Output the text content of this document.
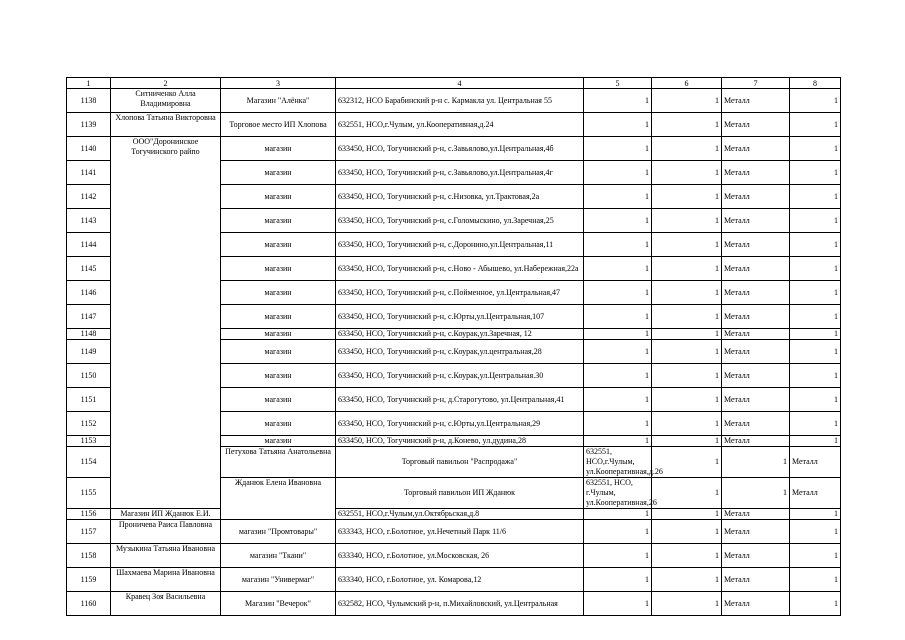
1	2	3	4	5	6	7	8	
1138	Ситниченко Алла Владимировна	Магазин "Алёнка"	632312, НСО Барабинский р-н с. Кармакла ул. Центральная 55	1	1	Металл	1	
1139	Хлопова Татьяна Викторовна	Торговое место ИП Хлопова	632551, НСО,г.Чулым, ул.Кооперативная,д.24	1	1	Металл	1	
1140	ООО"Доронинское Тогучинского райпо	магазин	633450, НСО, Тогучинский р-н, с.Завьялово,ул.Центральная,4б	1	1	Металл	1	
1141		магазин	633450, НСО, Тогучинский р-н, с.Завьялово,ул.Центральная,4г	1	1	Металл	1	
1142		магазин	633450, НСО, Тогучинский р-н, с.Низовка, ул.Трактовая,2а	1	1	Металл	1	
1143		магазин	633450, НСО, Тогучинский р-н, с.Голомыскино, ул.Заречная,25	1	1	Металл	1	
1144		магазин	633450, НСО, Тогучинский р-н, с.Доронино,ул.Центральная,11	1	1	Металл	1	
1145		магазин	633450, НСО, Тогучинский р-н, с.Ново - Абышево, ул.Набережная,22а	1	1	Металл	1	
1146		магазин	633450, НСО, Тогучинский р-н, с.Пойменное, ул.Центральная,47	1	1	Металл	1	
1147		магазин	633450, НСО, Тогучинский р-н, с.Юрты,ул.Центральная,107	1	1	Металл	1	
1148		магазин	633450, НСО, Тогучинский р-н, с.Коурак,ул.Заречная, 12	1	1	Металл	1	
1149		магазин	633450, НСО, Тогучинский р-н, с.Коурак,ул.центральная,28	1	1	Металл	1	
1150		магазин	633450, НСО, Тогучинский р-н, с.Коурак,ул.Центральная.30	1	1	Металл	1	
1151		магазин	633450, НСО, Тогучинский р-н, д.Старогутово, ул.Центральная,41	1	1	Металл	1	
1152		магазин	633450, НСО, Тогучинский р-н, с.Юрты,ул.Центральная,29	1	1	Металл	1	
1153		магазин	633450, НСО, Тогучинский р-н, д.Конево, ул.дудина,28	1	1	Металл	1	
1154		Петухова Татьяна Анатольевна	Торговый павильон "Распродажа"	632551, НСО,г.Чулым, ул.Кооперативная,д.26	1	1	Металл	
1155		Жданюк Елена Ивановна	Торговый павильон ИП Жданюк	632551, НСО, г.Чулым, ул.Кооперативная,26	1	1	Металл	
1156	Магазин ИП Жданюк Е.И.		632551, НСО,г.Чулым,ул.Октябрьская,д.8	1	1	Металл	1	
1157	Проничева Раиса Павловна	магазин "Промтовары"	633343, НСО, г.Болотное, ул.Нечетный Парк 11/6	1	1	Металл	1	
1158	Музыкина Татьяна Ивановна	магазин "Ткани"	633340, НСО, г.Болотное, ул.Московская, 26	1	1	Металл	1	
1159	Шахмаева Марина Ивановна	магазин "Универмаг"	633340, НСО, г.Болотное, ул. Комарова,12	1	1	Металл	1	
1160	Кравец Зоя Васильевна	Магазин "Вечерок"	632582, НСО, Чулымский р-н, п.Михайловский, ул.Центральная	1	1	Металл	1	
